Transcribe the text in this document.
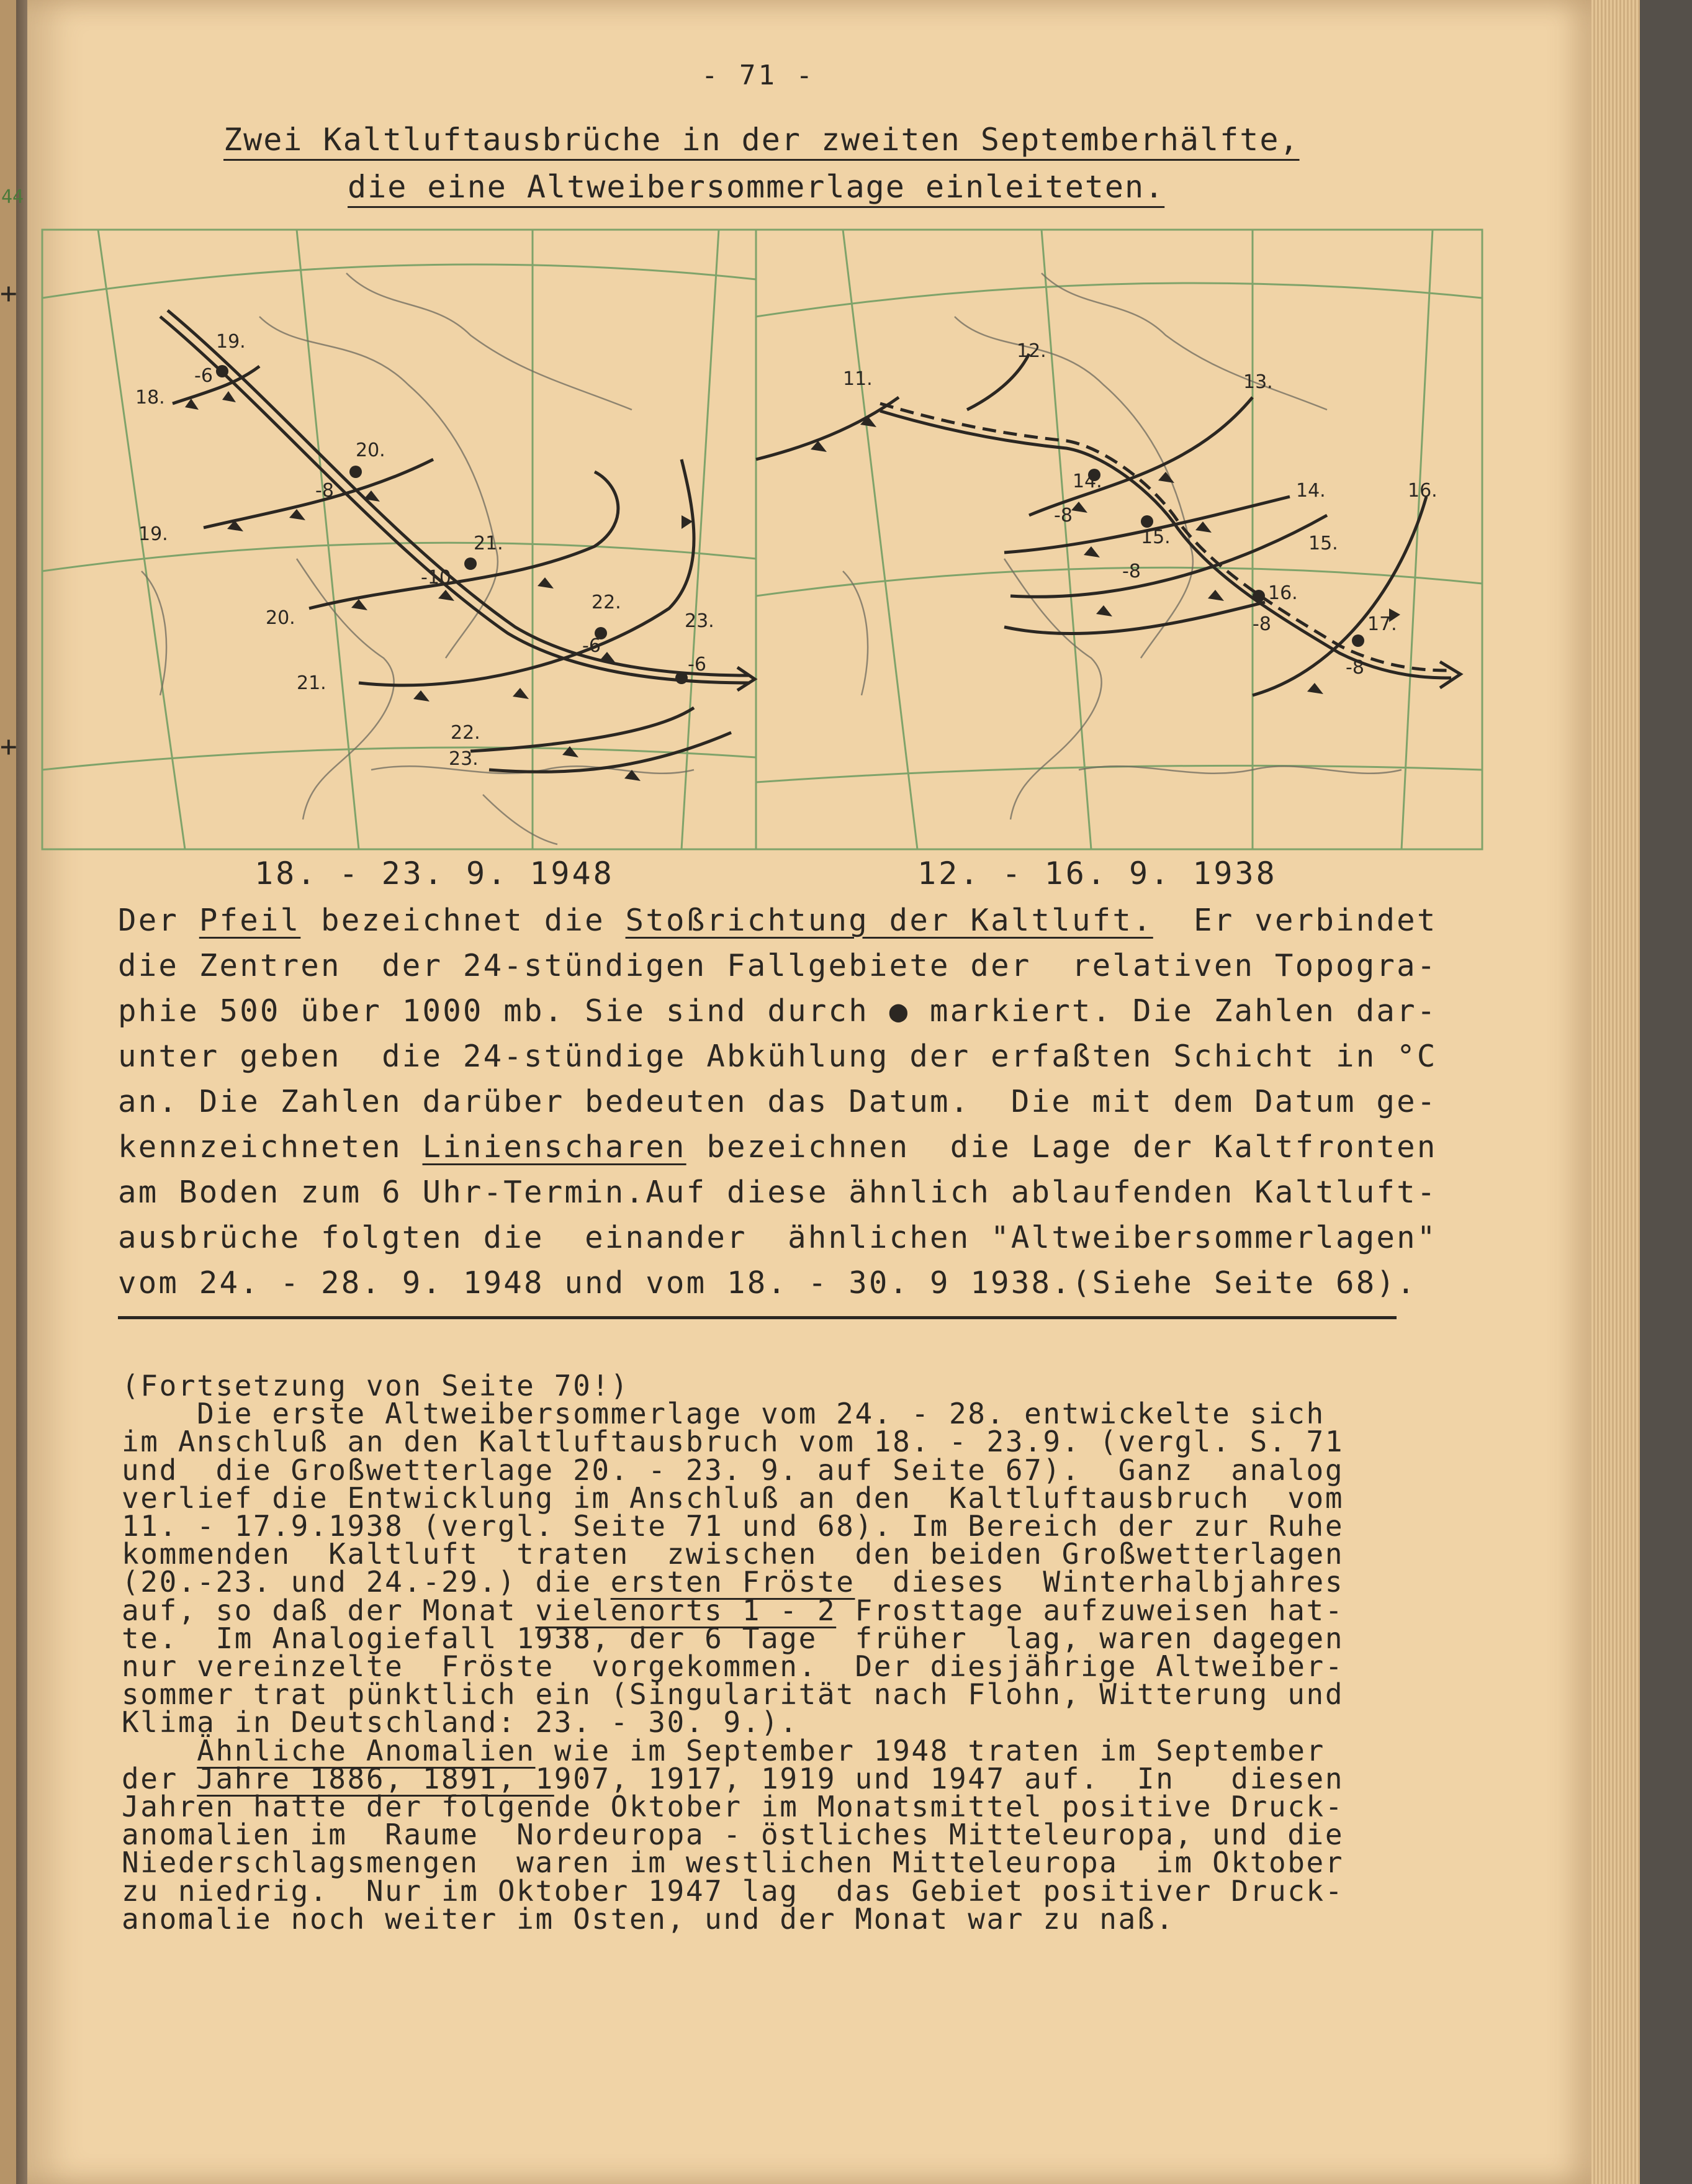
44
+
+
- 71 -
Zwei Kaltluftausbrüche in der zweiten Septemberhälfte,
die eine Altweibersommerlage einleiteten.
19.
-6
18.
20.
-8
19.	21.
-10
20.
22.
-6
23.
-6
21.
22.
23.
11.
12.
13.
14.
-8
14.
15.
-8
15.
16.
-8
16.
17.
-8
18. - 23. 9. 1948	12. - 16. 9. 1938
Der Pfeil bezeichnet die Stoßrichtung der Kaltluft.  Er verbindet
die Zentren  der 24-stündigen Fallgebiete der  relativen Topogra-
phie 500 über 1000 mb. Sie sind durch ● markiert. Die Zahlen dar-
unter geben  die 24-stündige Abkühlung der erfaßten Schicht in °C
an. Die Zahlen darüber bedeuten das Datum.  Die mit dem Datum ge-
kennzeichneten Linienscharen bezeichnen  die Lage der Kaltfronten
am Boden zum 6 Uhr-Termin.Auf diese ähnlich ablaufenden Kaltluft-
ausbrüche folgten die  einander  ähnlichen "Altweibersommerlagen"
vom 24. - 28. 9. 1948 und vom 18. - 30. 9 1938.(Siehe Seite 68).
(Fortsetzung von Seite 70!)
Die erste Altweibersommerlage vom 24. - 28. entwickelte sich
im Anschluß an den Kaltluftausbruch vom 18. - 23.9. (vergl. S. 71
und  die Großwetterlage 20. - 23. 9. auf Seite 67).  Ganz  analog
verlief die Entwicklung im Anschluß an den  Kaltluftausbruch  vom
11. - 17.9.1938 (vergl. Seite 71 und 68). Im Bereich der zur Ruhe
kommenden  Kaltluft  traten  zwischen  den beiden Großwetterlagen
(20.-23. und 24.-29.) die ersten Fröste  dieses  Winterhalbjahres
auf, so daß der Monat vielenorts 1 - 2 Frosttage aufzuweisen hat-
te.  Im Analogiefall 1938, der 6 Tage  früher  lag, waren dagegen
nur vereinzelte  Fröste  vorgekommen.  Der diesjährige Altweiber-
sommer trat pünktlich ein (Singularität nach Flohn, Witterung und
Klima in Deutschland: 23. - 30. 9.).
Ähnliche Anomalien wie im September 1948 traten im September
der Jahre 1886, 1891, 1907, 1917, 1919 und 1947 auf.  In   diesen
Jahren hatte der folgende Oktober im Monatsmittel positive Druck-
anomalien im  Raume  Nordeuropa - östliches Mitteleuropa, und die
Niederschlagsmengen  waren im westlichen Mitteleuropa  im Oktober
zu niedrig.  Nur im Oktober 1947 lag  das Gebiet positiver Druck-
anomalie noch weiter im Osten, und der Monat war zu naß.
